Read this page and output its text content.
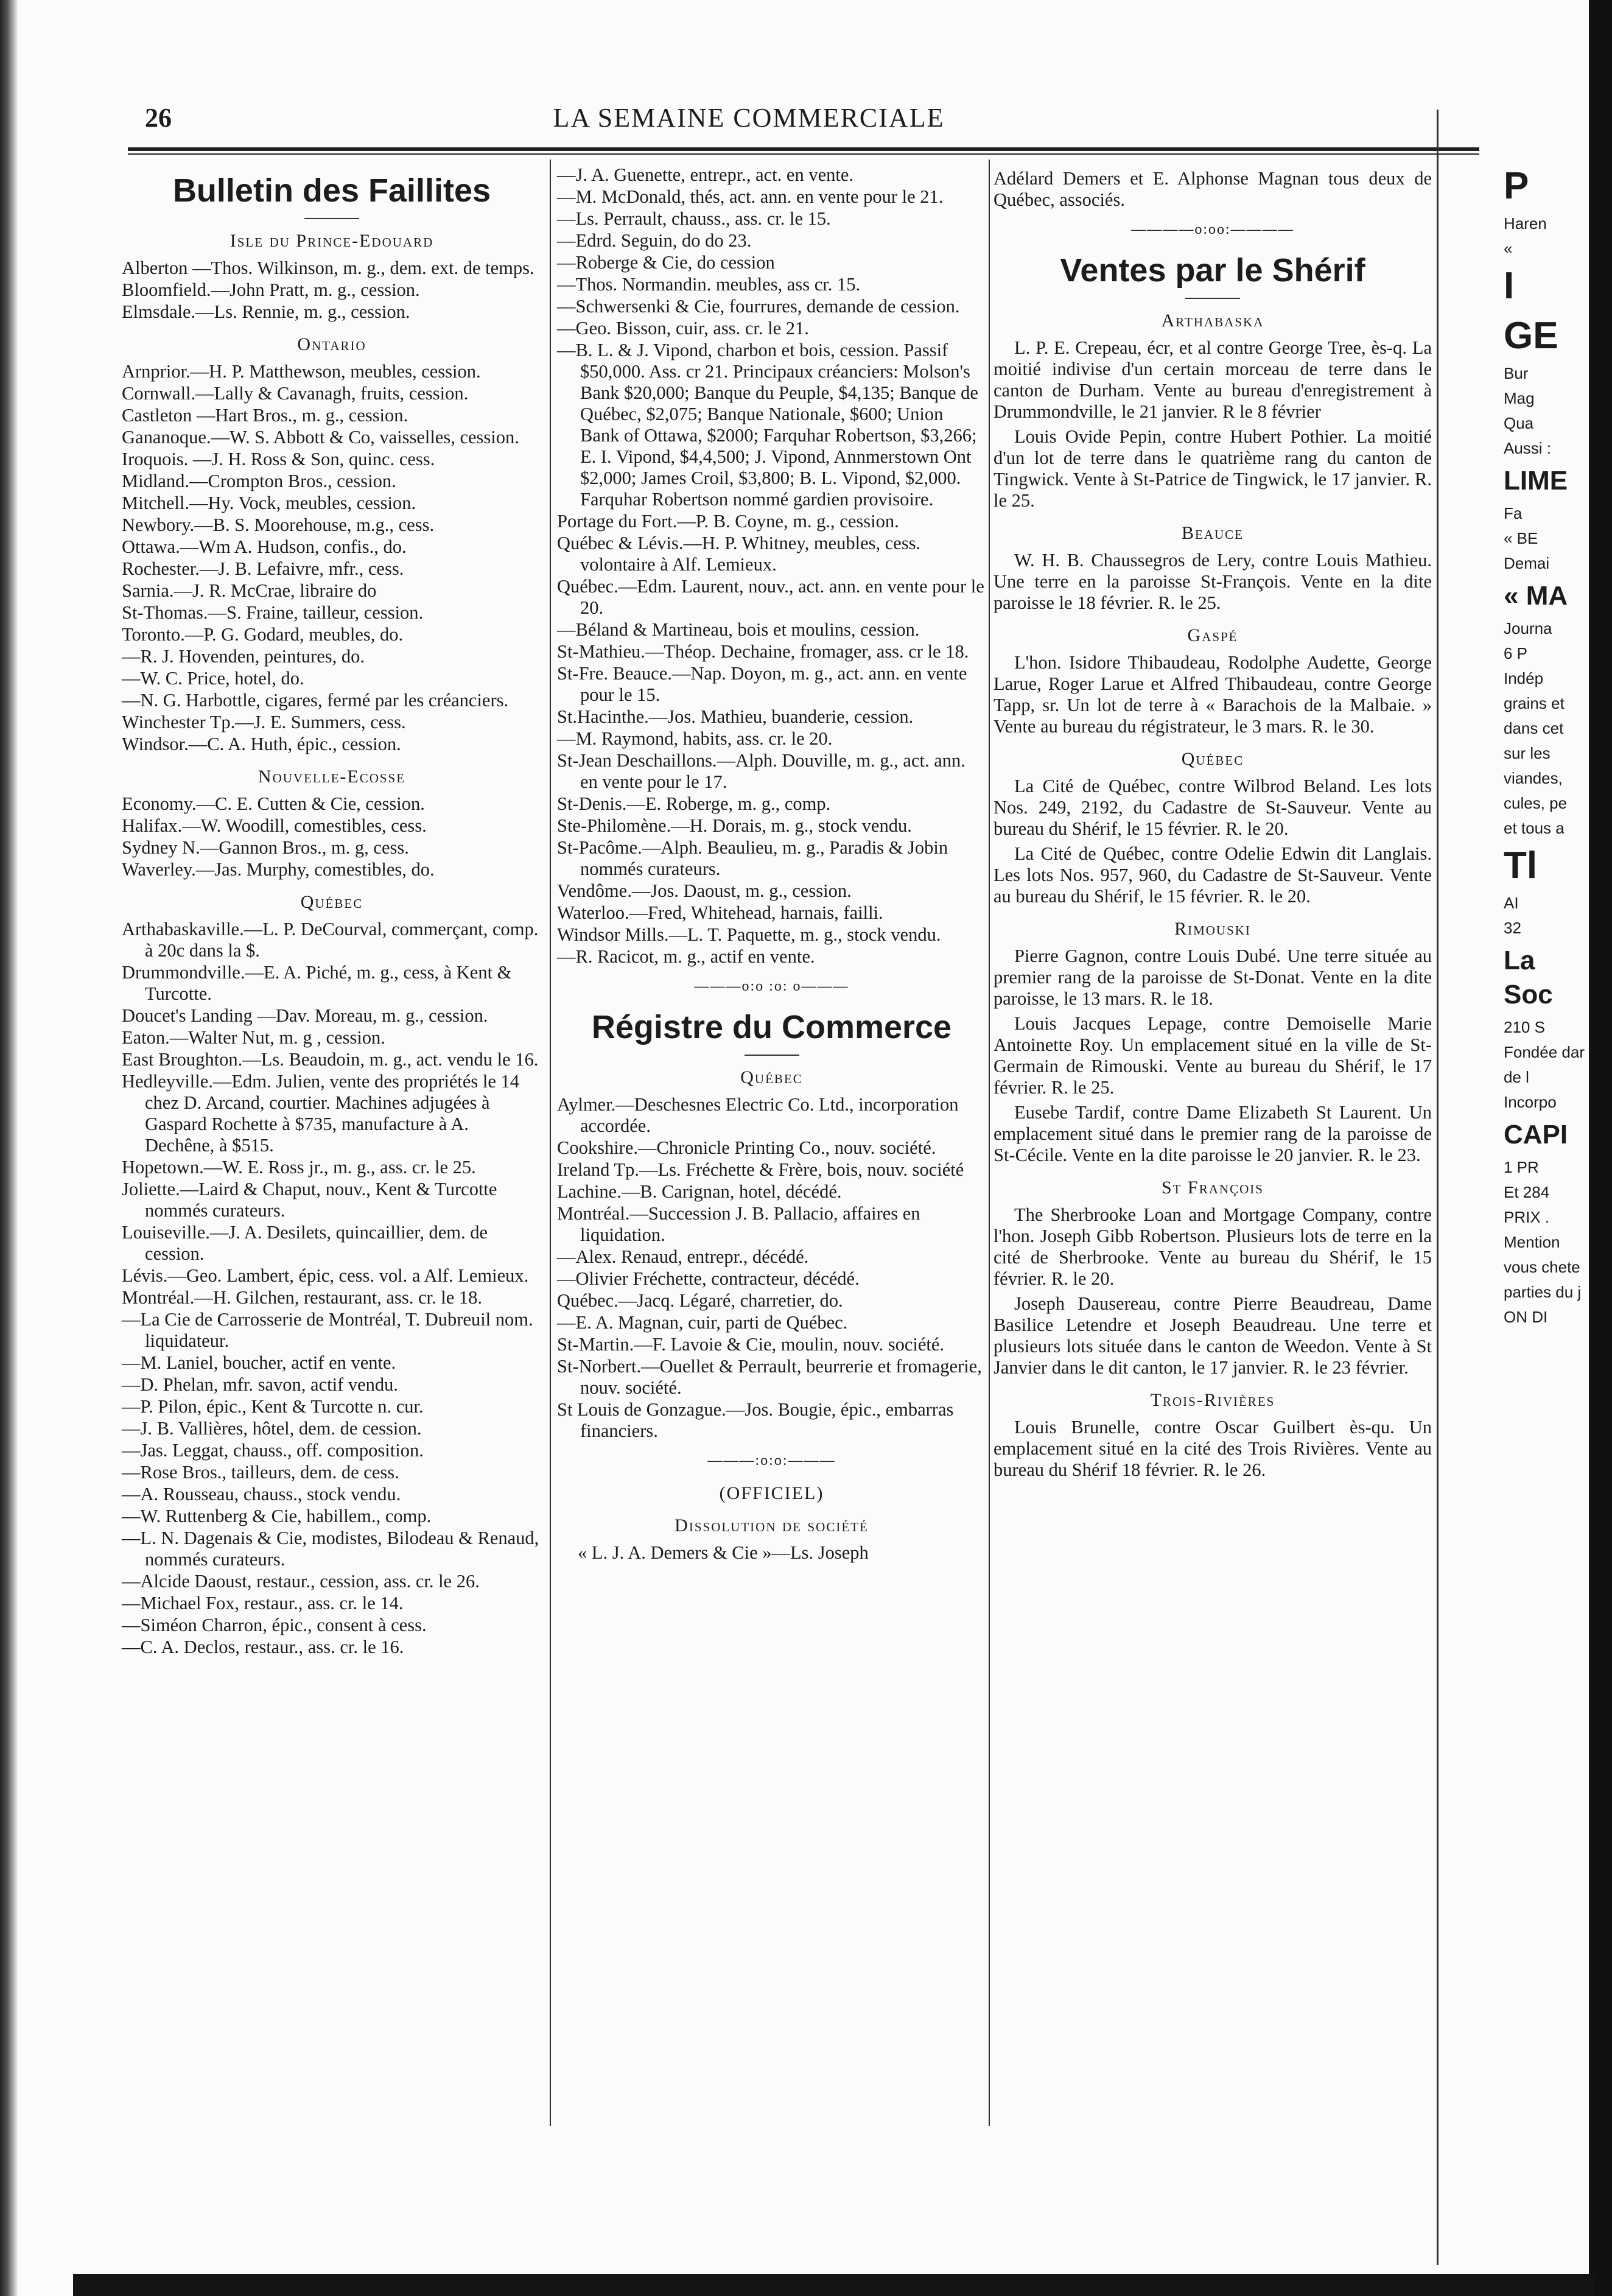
26	LA SEMAINE COMMERCIALE
Bulletin des Faillites
Isle du Prince-Edouard
Alberton —Thos. Wilkinson, m. g., dem. ext. de temps.
Bloomfield.—John Pratt, m. g., cession.
Elmsdale.—Ls. Rennie, m. g., cession.
Ontario
Arnprior.—H. P. Matthewson, meubles, cession.
Cornwall.—Lally & Cavanagh, fruits, cession.
Castleton —Hart Bros., m. g., cession.
Gananoque.—W. S. Abbott & Co, vaisselles, cession.
Iroquois. —J. H. Ross & Son, quinc. cess.
Midland.—Crompton Bros., cession.
Mitchell.—Hy. Vock, meubles, cession.
Newbory.—B. S. Moorehouse, m.g., cess.
Ottawa.—Wm A. Hudson, confis., do.
Rochester.—J. B. Lefaivre, mfr., cess.
Sarnia.—J. R. McCrae, libraire do
St-Thomas.—S. Fraine, tailleur, cession.
Toronto.—P. G. Godard, meubles, do.
—R. J. Hovenden, peintures, do.
—W. C. Price, hotel, do.
—N. G. Harbottle, cigares, fermé par les créanciers.
Winchester Tp.—J. E. Summers, cess.
Windsor.—C. A. Huth, épic., cession.
Nouvelle-Ecosse
Economy.—C. E. Cutten & Cie, cession.
Halifax.—W. Woodill, comestibles, cess.
Sydney N.—Gannon Bros., m. g, cess.
Waverley.—Jas. Murphy, comestibles, do.
Québec
Arthabaskaville.—L. P. DeCourval, commerçant, comp. à 20c dans la $.
Drummondville.—E. A. Piché, m. g., cess, à Kent & Turcotte.
Doucet's Landing —Dav. Moreau, m. g., cession.
Eaton.—Walter Nut, m. g , cession.
East Broughton.—Ls. Beaudoin, m. g., act. vendu le 16.
Hedleyville.—Edm. Julien, vente des propriétés le 14 chez D. Arcand, courtier. Machines adjugées à Gaspard Rochette à $735, manufacture à A. Dechêne, à $515.
Hopetown.—W. E. Ross jr., m. g., ass. cr. le 25.
Joliette.—Laird & Chaput, nouv., Kent & Turcotte nommés curateurs.
Louiseville.—J. A. Desilets, quincaillier, dem. de cession.
Lévis.—Geo. Lambert, épic, cess. vol. a Alf. Lemieux.
Montréal.—H. Gilchen, restaurant, ass. cr. le 18.
—La Cie de Carrosserie de Montréal, T. Dubreuil nom. liquidateur.
—M. Laniel, boucher, actif en vente.
—D. Phelan, mfr. savon, actif vendu.
—P. Pilon, épic., Kent & Turcotte n. cur.
—J. B. Vallières, hôtel, dem. de cession.
—Jas. Leggat, chauss., off. composition.
—Rose Bros., tailleurs, dem. de cess.
—A. Rousseau, chauss., stock vendu.
—W. Ruttenberg & Cie, habillem., comp.
—L. N. Dagenais & Cie, modistes, Bilodeau & Renaud, nommés curateurs.
—Alcide Daoust, restaur., cession, ass. cr. le 26.
—Michael Fox, restaur., ass. cr. le 14.
—Siméon Charron, épic., consent à cess.
—C. A. Declos, restaur., ass. cr. le 16.
—J. A. Guenette, entrepr., act. en vente.
—M. McDonald, thés, act. ann. en vente pour le 21.
—Ls. Perrault, chauss., ass. cr. le 15.
—Edrd. Seguin, do do 23.
—Roberge & Cie, do cession
—Thos. Normandin. meubles, ass cr. 15.
—Schwersenki & Cie, fourrures, demande de cession.
—Geo. Bisson, cuir, ass. cr. le 21.
—B. L. & J. Vipond, charbon et bois, cession. Passif $50,000. Ass. cr 21. Principaux créanciers: Molson's Bank $20,000; Banque du Peuple, $4,135; Banque de Québec, $2,075; Banque Nationale, $600; Union Bank of Ottawa, $2000; Farquhar Robertson, $3,266; E. I. Vipond, $4,4,500; J. Vipond, Annmerstown Ont $2,000; James Croil, $3,800; B. L. Vipond, $2,000. Farquhar Robertson nommé gardien provisoire.
Portage du Fort.—P. B. Coyne, m. g., cession.
Québec & Lévis.—H. P. Whitney, meubles, cess. volontaire à Alf. Lemieux.
Québec.—Edm. Laurent, nouv., act. ann. en vente pour le 20.
—Béland & Martineau, bois et moulins, cession.
St-Mathieu.—Théop. Dechaine, fromager, ass. cr le 18.
St-Fre. Beauce.—Nap. Doyon, m. g., act. ann. en vente pour le 15.
St.Hacinthe.—Jos. Mathieu, buanderie, cession.
—M. Raymond, habits, ass. cr. le 20.
St-Jean Deschaillons.—Alph. Douville, m. g., act. ann. en vente pour le 17.
St-Denis.—E. Roberge, m. g., comp.
Ste-Philomène.—H. Dorais, m. g., stock vendu.
St-Pacôme.—Alph. Beaulieu, m. g., Paradis & Jobin nommés curateurs.
Vendôme.—Jos. Daoust, m. g., cession.
Waterloo.—Fred, Whitehead, harnais, failli.
Windsor Mills.—L. T. Paquette, m. g., stock vendu.
—R. Racicot, m. g., actif en vente.
———o:o :o: o———
Régistre du Commerce
Québec
Aylmer.—Deschesnes Electric Co. Ltd., incorporation accordée.
Cookshire.—Chronicle Printing Co., nouv. société.
Ireland Tp.—Ls. Fréchette & Frère, bois, nouv. société
Lachine.—B. Carignan, hotel, décédé.
Montréal.—Succession J. B. Pallacio, affaires en liquidation.
—Alex. Renaud, entrepr., décédé.
—Olivier Fréchette, contracteur, décédé.
Québec.—Jacq. Légaré, charretier, do.
—E. A. Magnan, cuir, parti de Québec.
St-Martin.—F. Lavoie & Cie, moulin, nouv. société.
St-Norbert.—Ouellet & Perrault, beurrerie et fromagerie, nouv. société.
St Louis de Gonzague.—Jos. Bougie, épic., embarras financiers.
———:o:o:———
(OFFICIEL)
Dissolution de société
« L. J. A. Demers & Cie »—Ls. Joseph
Adélard Demers et E. Alphonse Magnan tous deux de Québec, associés.
————o:oo:————
Ventes par le Shérif
Arthabaska
L. P. E. Crepeau, écr, et al contre George Tree, ès-q. La moitié indivise d'un certain morceau de terre dans le canton de Durham. Vente au bureau d'enregistrement à Drummondville, le 21 janvier. R le 8 février
Louis Ovide Pepin, contre Hubert Pothier. La moitié d'un lot de terre dans le quatrième rang du canton de Tingwick. Vente à St-Patrice de Tingwick, le 17 janvier. R. le 25.
Beauce
W. H. B. Chaussegros de Lery, contre Louis Mathieu. Une terre en la paroisse St-François. Vente en la dite paroisse le 18 février. R. le 25.
Gaspé
L'hon. Isidore Thibaudeau, Rodolphe Audette, George Larue, Roger Larue et Alfred Thibaudeau, contre George Tapp, sr. Un lot de terre à « Barachois de la Malbaie. » Vente au bureau du régistrateur, le 3 mars. R. le 30.
Québec
La Cité de Québec, contre Wilbrod Beland. Les lots Nos. 249, 2192, du Cadastre de St-Sauveur. Vente au bureau du Shérif, le 15 février. R. le 20.
La Cité de Québec, contre Odelie Edwin dit Langlais. Les lots Nos. 957, 960, du Cadastre de St-Sauveur. Vente au bureau du Shérif, le 15 février. R. le 20.
Rimouski
Pierre Gagnon, contre Louis Dubé. Une terre située au premier rang de la paroisse de St-Donat. Vente en la dite paroisse, le 13 mars. R. le 18.
Louis Jacques Lepage, contre Demoiselle Marie Antoinette Roy. Un emplacement situé en la ville de St-Germain de Rimouski. Vente au bureau du Shérif, le 17 février. R. le 25.
Eusebe Tardif, contre Dame Elizabeth St Laurent. Un emplacement situé dans le premier rang de la paroisse de St-Cécile. Vente en la dite paroisse le 20 janvier. R. le 23.
St François
The Sherbrooke Loan and Mortgage Company, contre l'hon. Joseph Gibb Robertson. Plusieurs lots de terre en la cité de Sherbrooke. Vente au bureau du Shérif, le 15 février. R. le 20.
Joseph Dausereau, contre Pierre Beaudreau, Dame Basilice Letendre et Joseph Beaudreau. Une terre et plusieurs lots située dans le canton de Weedon. Vente à St Janvier dans le dit canton, le 17 janvier. R. le 23 février.
Trois-Rivières
Louis Brunelle, contre Oscar Guilbert ès-qu. Un emplacement situé en la cité des Trois Rivières. Vente au bureau du Shérif 18 février. R. le 26.
P
Haren
«
I
GE
Bur
Mag
Qua
Aussi :
LIME
Fa
« BE
Demai
« MA
Journa
6 P
Indép
grains et
dans cet
sur les
viandes,
cules, pe
et tous a
Tl
AI
32
La Soc
210 S
Fondée dar
de l
Incorpo
CAPI
1 PR
Et 284
PRIX .
Mention
vous chete
parties du j
ON DI
